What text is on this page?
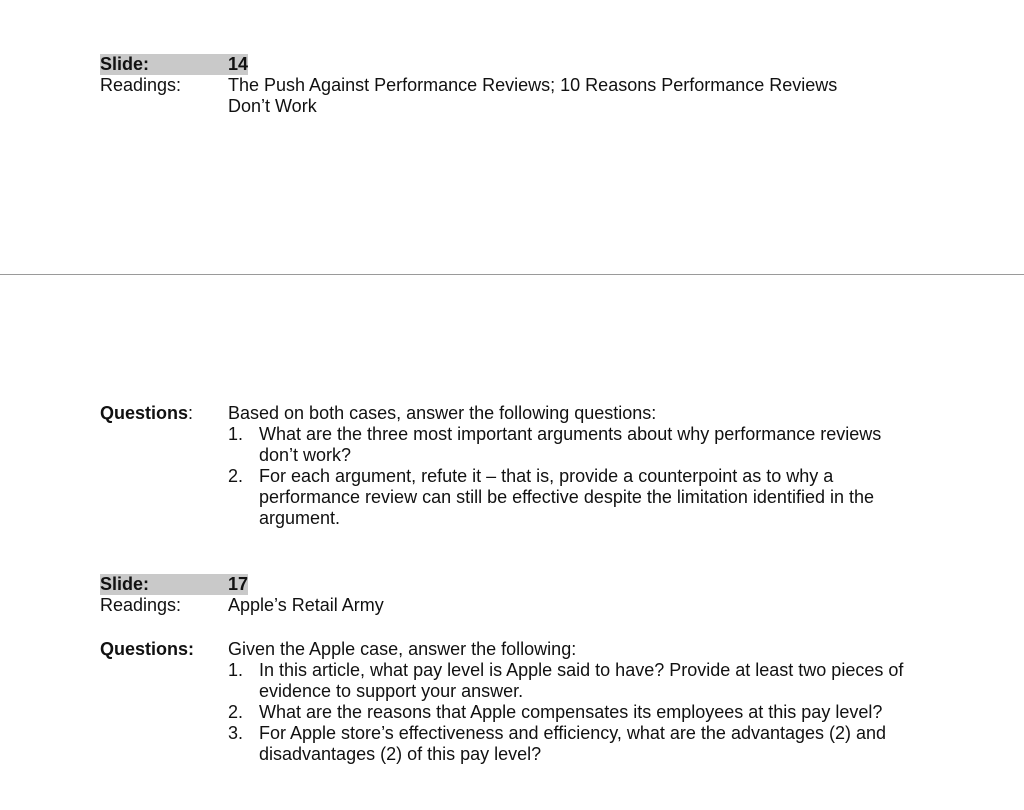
Slide:	14
Readings:	The Push Against Performance Reviews; 10 Reasons Performance Reviews Don’t Work
Questions:	Based on both cases, answer the following questions:
1. What are the three most important arguments about why performance reviews don’t work?
2. For each argument, refute it – that is, provide a counterpoint as to why a performance review can still be effective despite the limitation identified in the argument.
Slide:	17
Readings:	Apple’s Retail Army
Questions:	Given the Apple case, answer the following:
1. In this article, what pay level is Apple said to have? Provide at least two pieces of evidence to support your answer.
2. What are the reasons that Apple compensates its employees at this pay level?
3. For Apple store’s effectiveness and efficiency, what are the advantages (2) and disadvantages (2) of this pay level?
